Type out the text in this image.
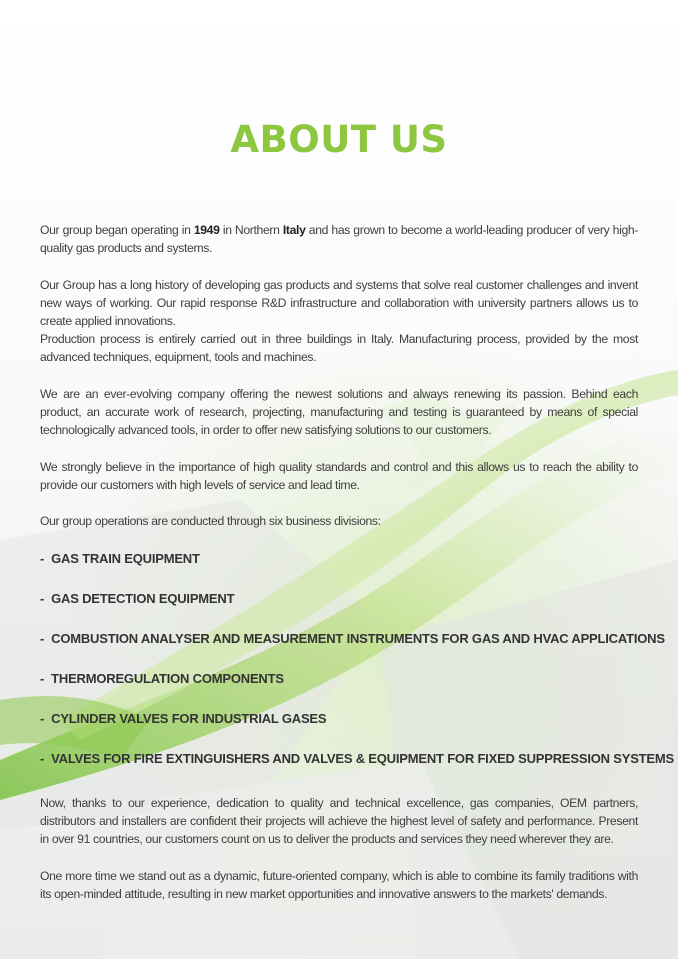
ABOUT US

Our group began operating in 1949 in Northern Italy and has grown to become a world-leading producer of very high-quality gas products and systems.

Our Group has a long history of developing gas products and systems that solve real customer challenges and invent new ways of working. Our rapid response R&D infrastructure and collaboration with university partners allows us to create applied innovations.

Production process is entirely carried out in three buildings in Italy. Manufacturing process, provided by the most advanced techniques, equipment, tools and machines.

We are an ever-evolving company offering the newest solutions and always renewing its passion. Behind each product, an accurate work of research, projecting, manufacturing and testing is guaranteed by means of special technologically advanced tools, in order to offer new satisfying solutions to our customers.

We strongly believe in the importance of high quality standards and control and this allows us to reach the ability to provide our customers with high levels of service and lead time.

Our group operations are conducted through six business divisions:

- GAS TRAIN EQUIPMENT

- GAS DETECTION EQUIPMENT

- COMBUSTION ANALYSER AND MEASUREMENT INSTRUMENTS FOR GAS AND HVAC APPLICATIONS

- THERMOREGULATION COMPONENTS

- CYLINDER VALVES FOR INDUSTRIAL GASES

- VALVES FOR FIRE EXTINGUISHERS AND VALVES & EQUIPMENT FOR FIXED SUPPRESSION SYSTEMS

Now, thanks to our experience, dedication to quality and technical excellence, gas companies, OEM partners, distributors and installers are confident their projects will achieve the highest level of safety and performance. Present in over 91 countries, our customers count on us to deliver the products and services they need wherever they are.

One more time we stand out as a dynamic, future-oriented company, which is able to combine its family traditions with its open-minded attitude, resulting in new market opportunities and innovative answers to the markets' demands.
